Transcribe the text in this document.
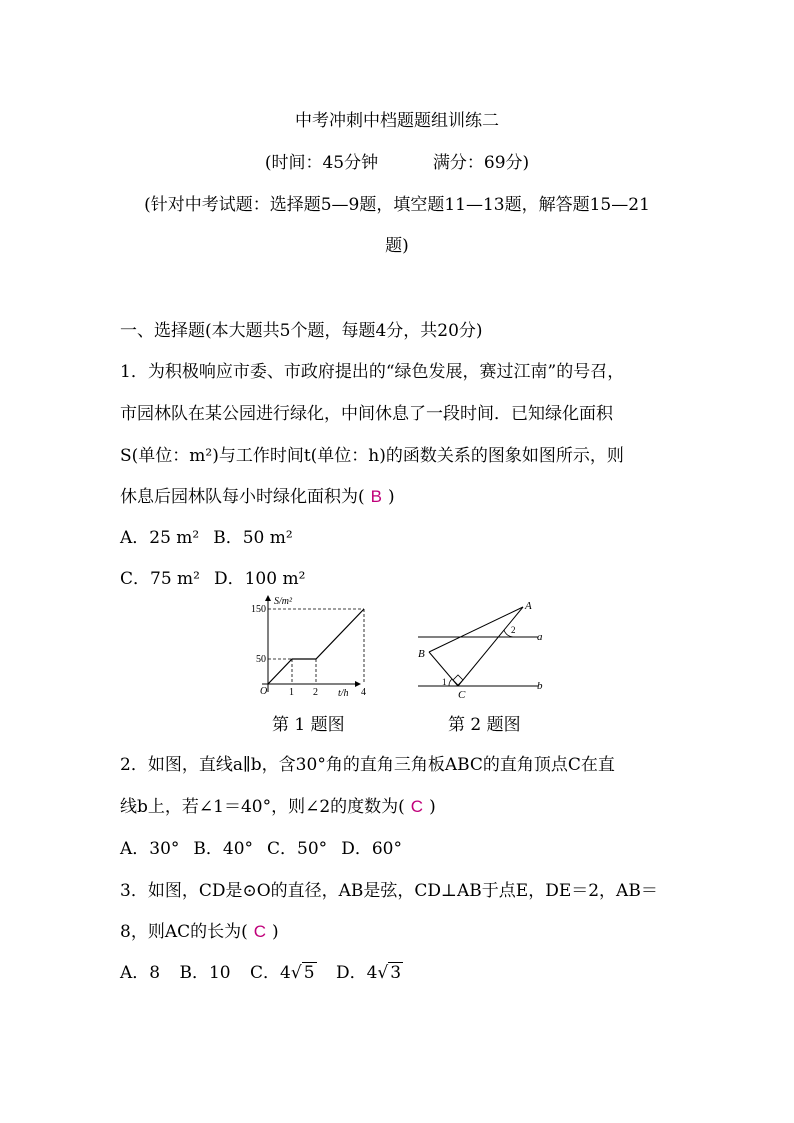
中考冲刺中档题题组训练二
(时间：45分钟	满分：69分)
(针对中考试题：选择题5—9题，填空题11—13题，解答题15—21
题)
一、选择题(本大题共5个题，每题4分，共20分)
1．为积极响应市委、市政府提出的“绿色发展，赛过江南”的号召，
市园林队在某公园进行绿化，中间休息了一段时间．已知绿化面积
S(单位：m²)与工作时间t(单位：h)的函数关系的图象如图所示，则
休息后园林队每小时绿化面积为( B )
A．25 m² B．50 m²
C．75 m² D．100 m²
S/m²
t/h
O 1 2	4
50
150
第 1 题图
A
B
C
a
b
1
2
第 2 题图
2．如图，直线a∥b，含30°角的直角三角板ABC的直角顶点C在直
线b上，若∠1＝40°，则∠2的度数为( C )
A．30° B．40° C．50° D．60°
3．如图，CD是⊙O的直径，AB是弦，CD⊥AB于点E，DE＝2，AB＝
8，则AC的长为( C )
A．8 B．10 C．4√ 5 D．4√ 3
